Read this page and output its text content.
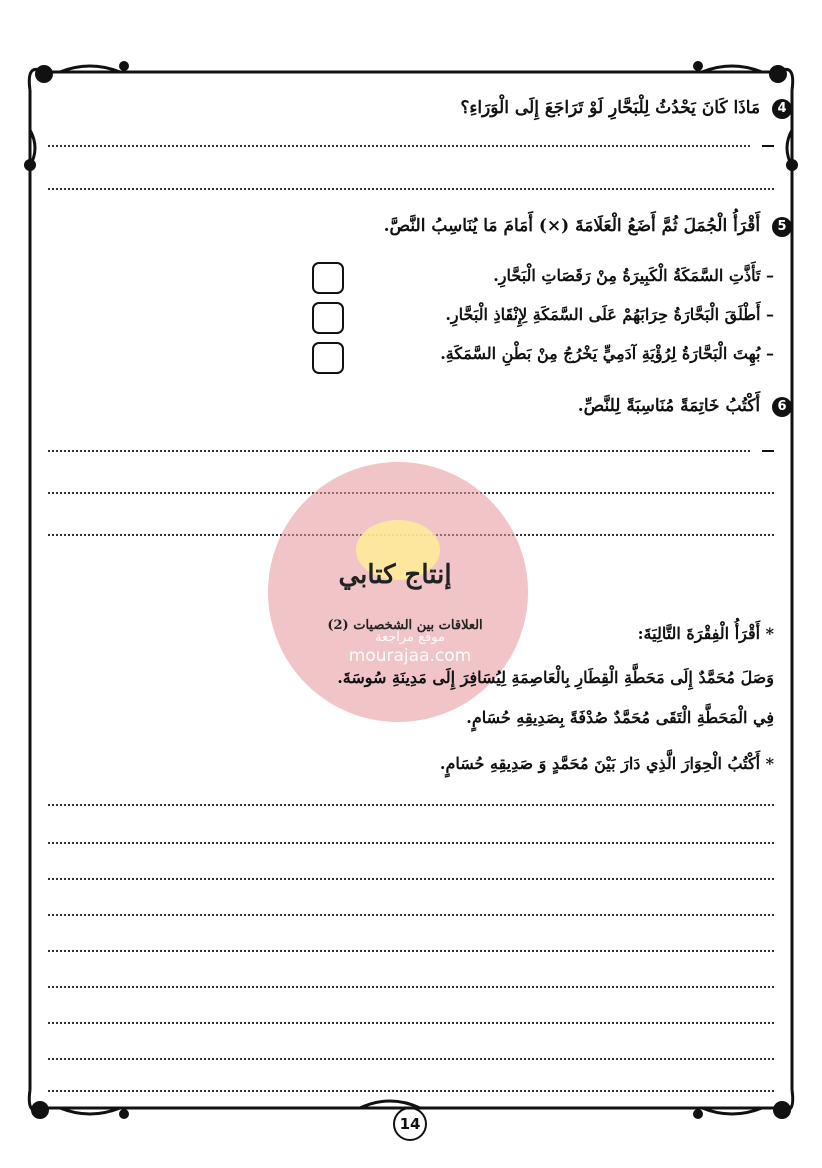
4 مَاذَا كَانَ يَحْدُثُ لِلْبَحَّارِ لَوْ تَرَاجَعَ إِلَى الْوَرَاءِ؟
5 أَقْرَأُ الْجُمَلَ ثُمَّ أَضَعُ الْعَلَامَةَ (×) أَمَامَ مَا يُنَاسِبُ النَّصَّ.
– تَأَذَّتِ السَّمَكَةُ الْكَبِيرَةُ مِنْ رَقَصَاتِ الْبَحَّارِ.
– أَطْلَقَ الْبَحَّارَةُ حِرَابَهُمْ عَلَى السَّمَكَةِ لِإِنْقَاذِ الْبَحَّارِ.
– بُهِتَ الْبَحَّارَةُ لِرُؤْيَةِ آدَمِيٍّ يَخْرُجُ مِنْ بَطْنِ السَّمَكَةِ.
6 أَكْتُبُ خَاتِمَةً مُنَاسِبَةً لِلنَّصِّ.
إنتاج كتابي
العلاقات بين الشخصيات (2)
موقع مراجعة
mourajaa.com
* أَقْرَأُ الْفِقْرَةَ التَّالِيَةَ:
وَصَلَ مُحَمَّدٌ إِلَى مَحَطَّةِ الْقِطَارِ بِالْعَاصِمَةِ لِيُسَافِرَ إِلَى مَدِينَةِ سُوسَةَ.
فِي الْمَحَطَّةِ الْتَقَى مُحَمَّدٌ صُدْفَةً بِصَدِيقِهِ حُسَامٍ.
* أَكْتُبُ الْحِوَارَ الَّذِي دَارَ بَيْنَ مُحَمَّدٍ وَ صَدِيقِهِ حُسَامٍ.
14
